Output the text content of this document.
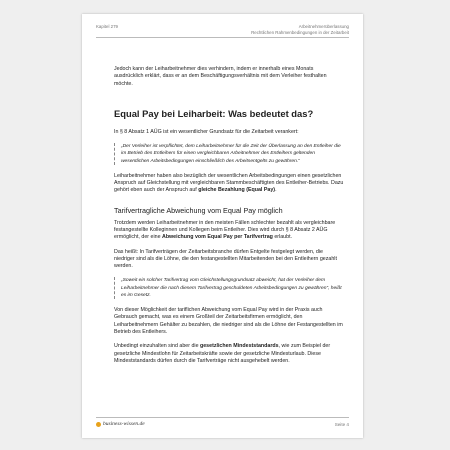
Kapitel 279	Arbeitnehmerüberlassung
Rechtlichen Rahmenbedingungen in der Zeitarbeit

Jedoch kann der Leiharbeitnehmer dies verhindern, indem er innerhalb eines Monats ausdrücklich erklärt, dass er an dem Beschäftigungsverhältnis mit dem Verleiher festhalten möchte.

Equal Pay bei Leiharbeit: Was bedeutet das?

In § 8 Absatz 1 AÜG ist ein wesentlicher Grundsatz für die Zeitarbeit verankert:

„Der Verleiher ist verpflichtet, dem Leiharbeitnehmer für die Zeit der Überlassung an den Entleiher die im Betrieb des Entleihers für einen vergleichbaren Arbeitnehmer des Entleihers geltenden wesentlichen Arbeitsbedingungen einschließlich des Arbeitsentgelts zu gewähren.“

Leiharbeitnehmer haben also bezüglich der wesentlichen Arbeitsbedingungen einen gesetzlichen Anspruch auf Gleichstellung mit vergleichbaren Stammbeschäftigten des Entleiher-Betriebs. Dazu gehört eben auch der Anspruch auf gleiche Bezahlung (Equal Pay).

Tarifvertragliche Abweichung vom Equal Pay möglich

Trotzdem werden Leiharbeitnehmer in den meisten Fällen schlechter bezahlt als vergleichbare festangestellte Kolleginnen und Kollegen beim Entleiher. Dies wird durch § 8 Absatz 2 AÜG ermöglicht, der eine Abweichung vom Equal Pay per Tarifvertrag erlaubt.

Das heißt: In Tarifverträgen der Zeitarbeitsbranche dürfen Entgelte festgelegt werden, die niedriger sind als die Löhne, die den festangestellten Mitarbeitenden bei den Entleihern gezahlt werden.

„Soweit ein solcher Tarifvertrag vom Gleichstellungsgrundsatz abweicht, hat der Verleiher dem Leiharbeitnehmer die nach diesem Tarifvertrag geschuldeten Arbeitsbedingungen zu gewähren“, heißt es im Gesetz.

Von dieser Möglichkeit der tariflichen Abweichung vom Equal Pay wird in der Praxis auch Gebrauch gemacht, was es einem Großteil der Zeitarbeitsfirmen ermöglicht, den Leiharbeitnehmern Gehälter zu bezahlen, die niedriger sind als die Löhne der Festangestellten im Betrieb des Entleihers.

Unbedingt einzuhalten sind aber die gesetzlichen Mindeststandards, wie zum Beispiel der gesetzliche Mindestlohn für Zeitarbeitskräfte sowie der gesetzliche Mindesturlaub. Diese Mindeststandards dürfen durch die Tarifverträge nicht ausgehebelt werden.

business-wissen.de	Seite 4
